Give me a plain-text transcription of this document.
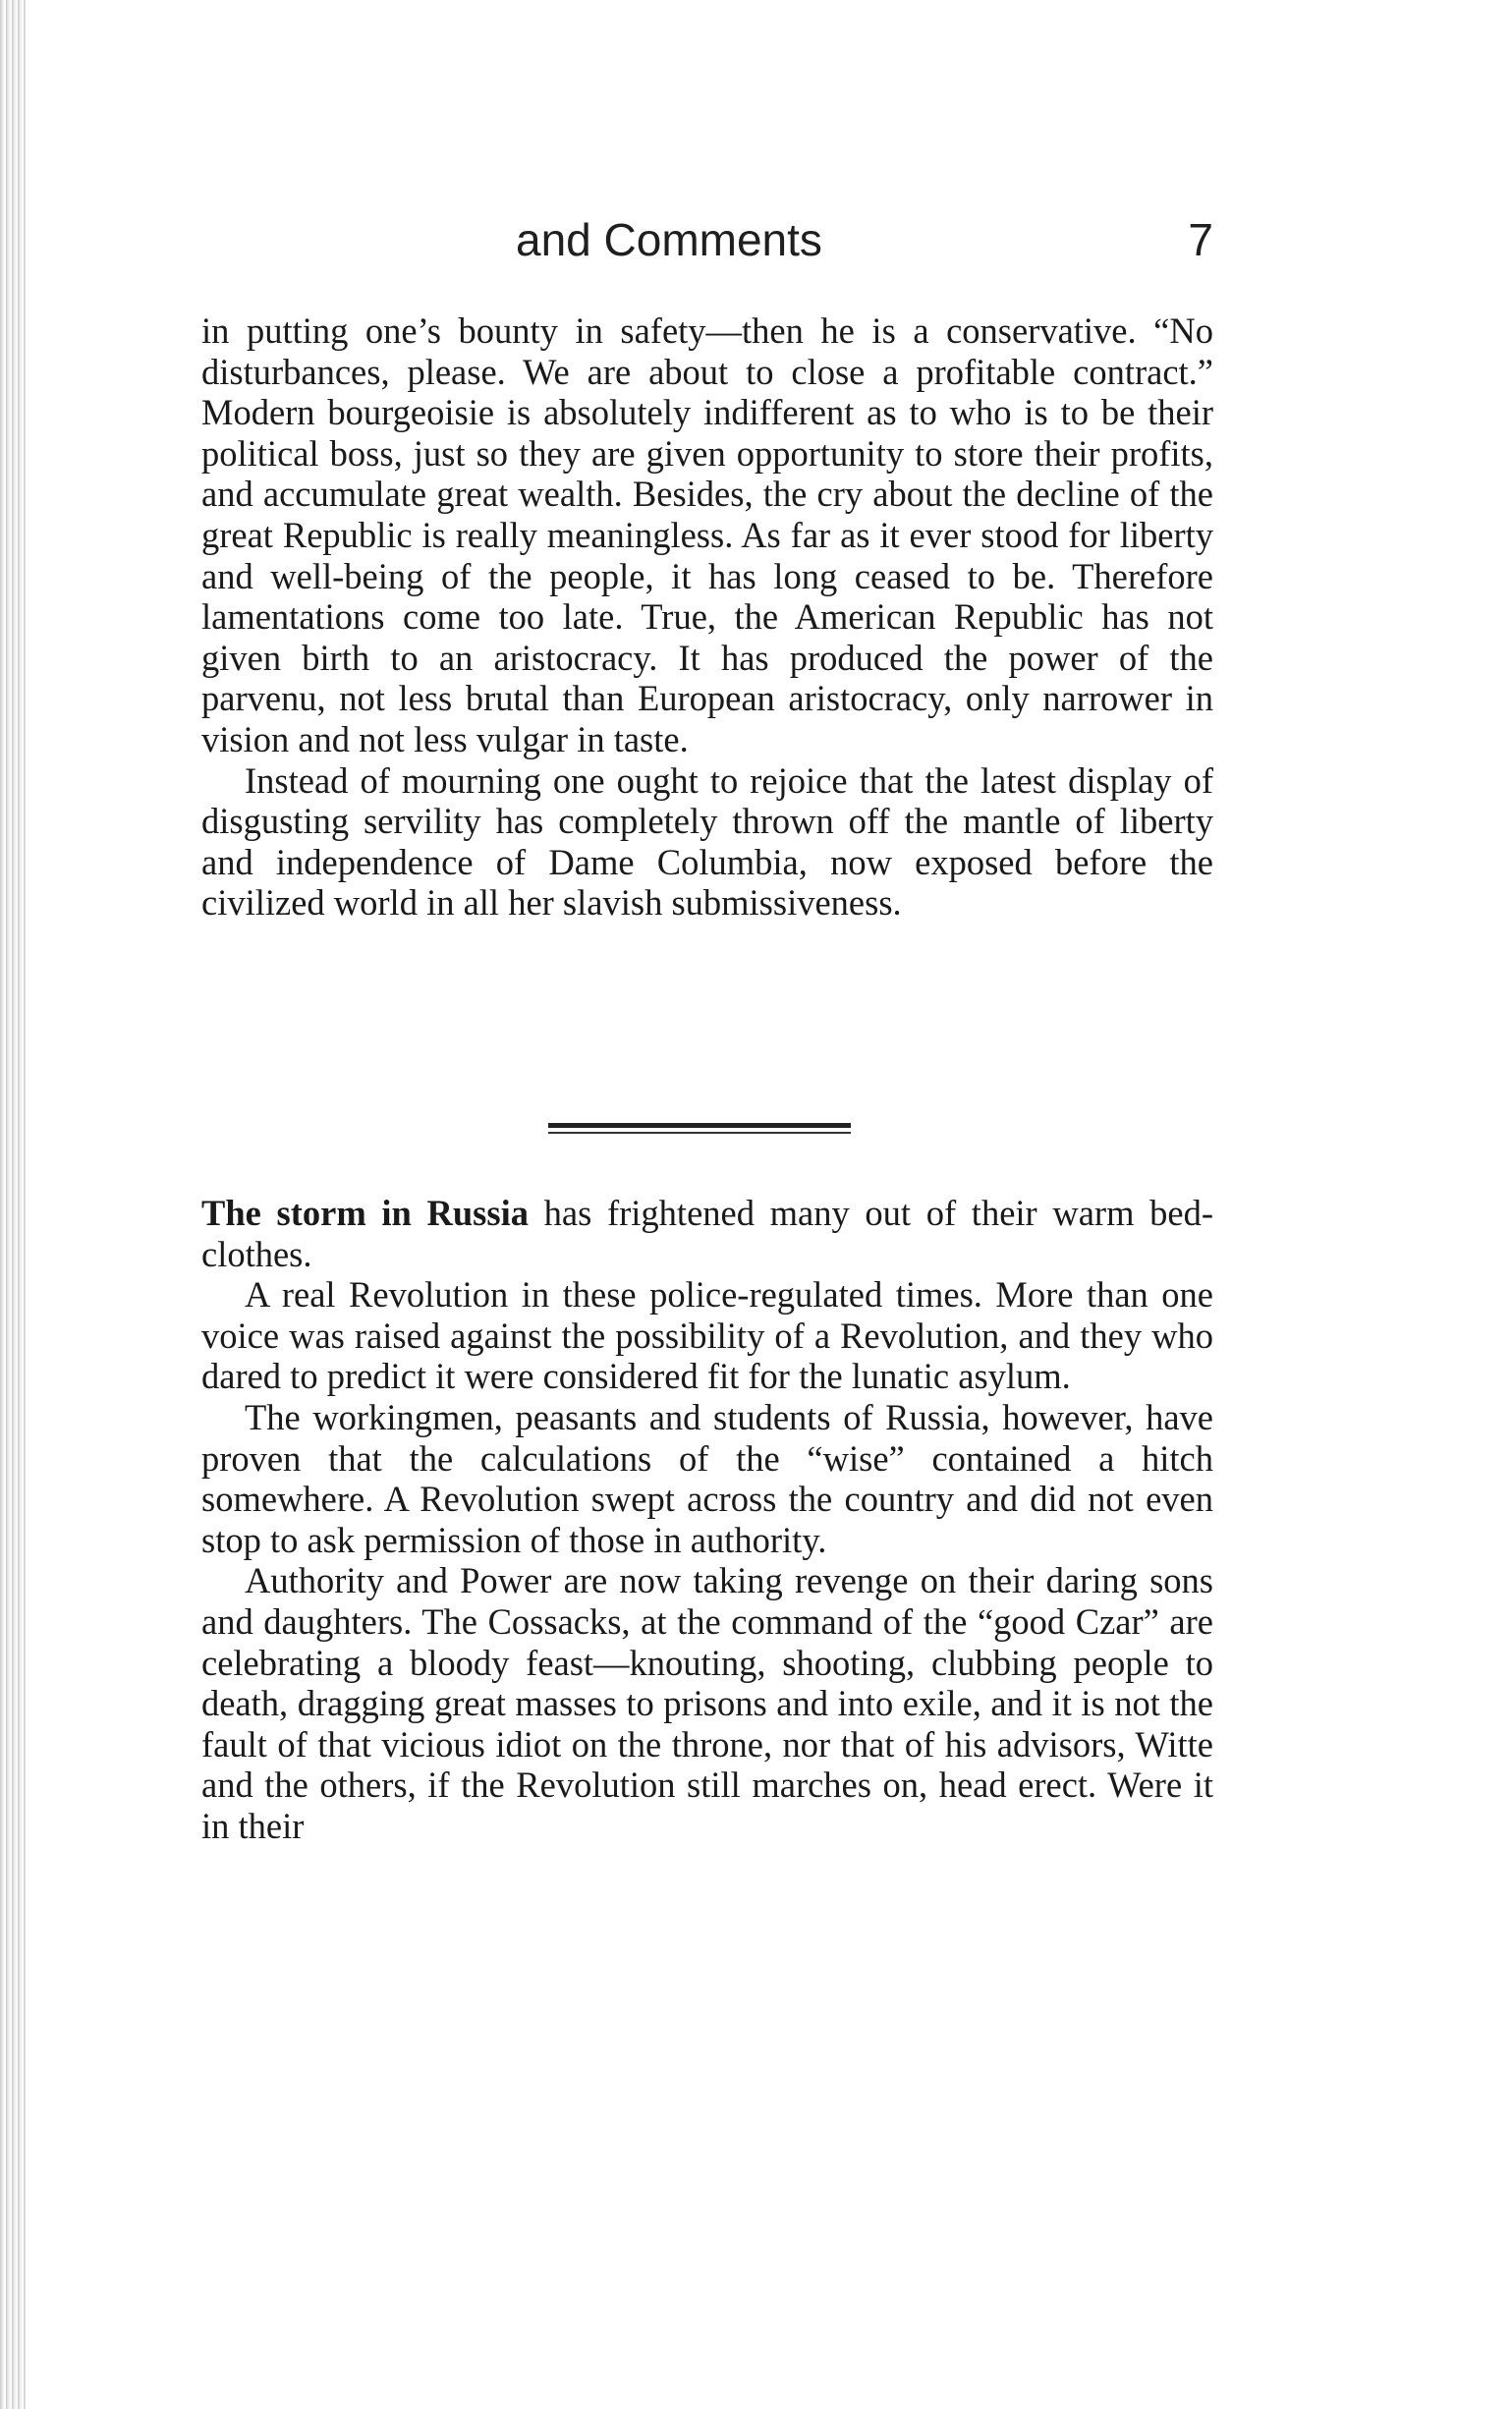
and Comments	7

in putting one’s bounty in safety—then he is a conservative. “No disturbances, please. We are about to close a profitable contract.” Modern bourgeoisie is absolutely indifferent as to who is to be their political boss, just so they are given opportunity to store their profits, and accumulate great wealth. Besides, the cry about the decline of the great Republic is really meaningless. As far as it ever stood for liberty and well-being of the people, it has long ceased to be. Therefore lamentations come too late. True, the American Republic has not given birth to an aristocracy. It has produced the power of the parvenu, not less brutal than European aristocracy, only narrower in vision and not less vulgar in taste.

Instead of mourning one ought to rejoice that the latest display of disgusting servility has completely thrown off the mantle of liberty and independence of Dame Columbia, now exposed before the civilized world in all her slavish submissiveness.

The storm in Russia has frightened many out of their warm bed-clothes.

A real Revolution in these police-regulated times. More than one voice was raised against the possibility of a Revolution, and they who dared to predict it were considered fit for the lunatic asylum.

The workingmen, peasants and students of Russia, however, have proven that the calculations of the “wise” contained a hitch somewhere. A Revolution swept across the country and did not even stop to ask permission of those in authority.

Authority and Power are now taking revenge on their daring sons and daughters. The Cossacks, at the command of the “good Czar” are celebrating a bloody feast—knouting, shooting, clubbing people to death, dragging great masses to prisons and into exile, and it is not the fault of that vicious idiot on the throne, nor that of his advisors, Witte and the others, if the Revolution still marches on, head erect. Were it in their
